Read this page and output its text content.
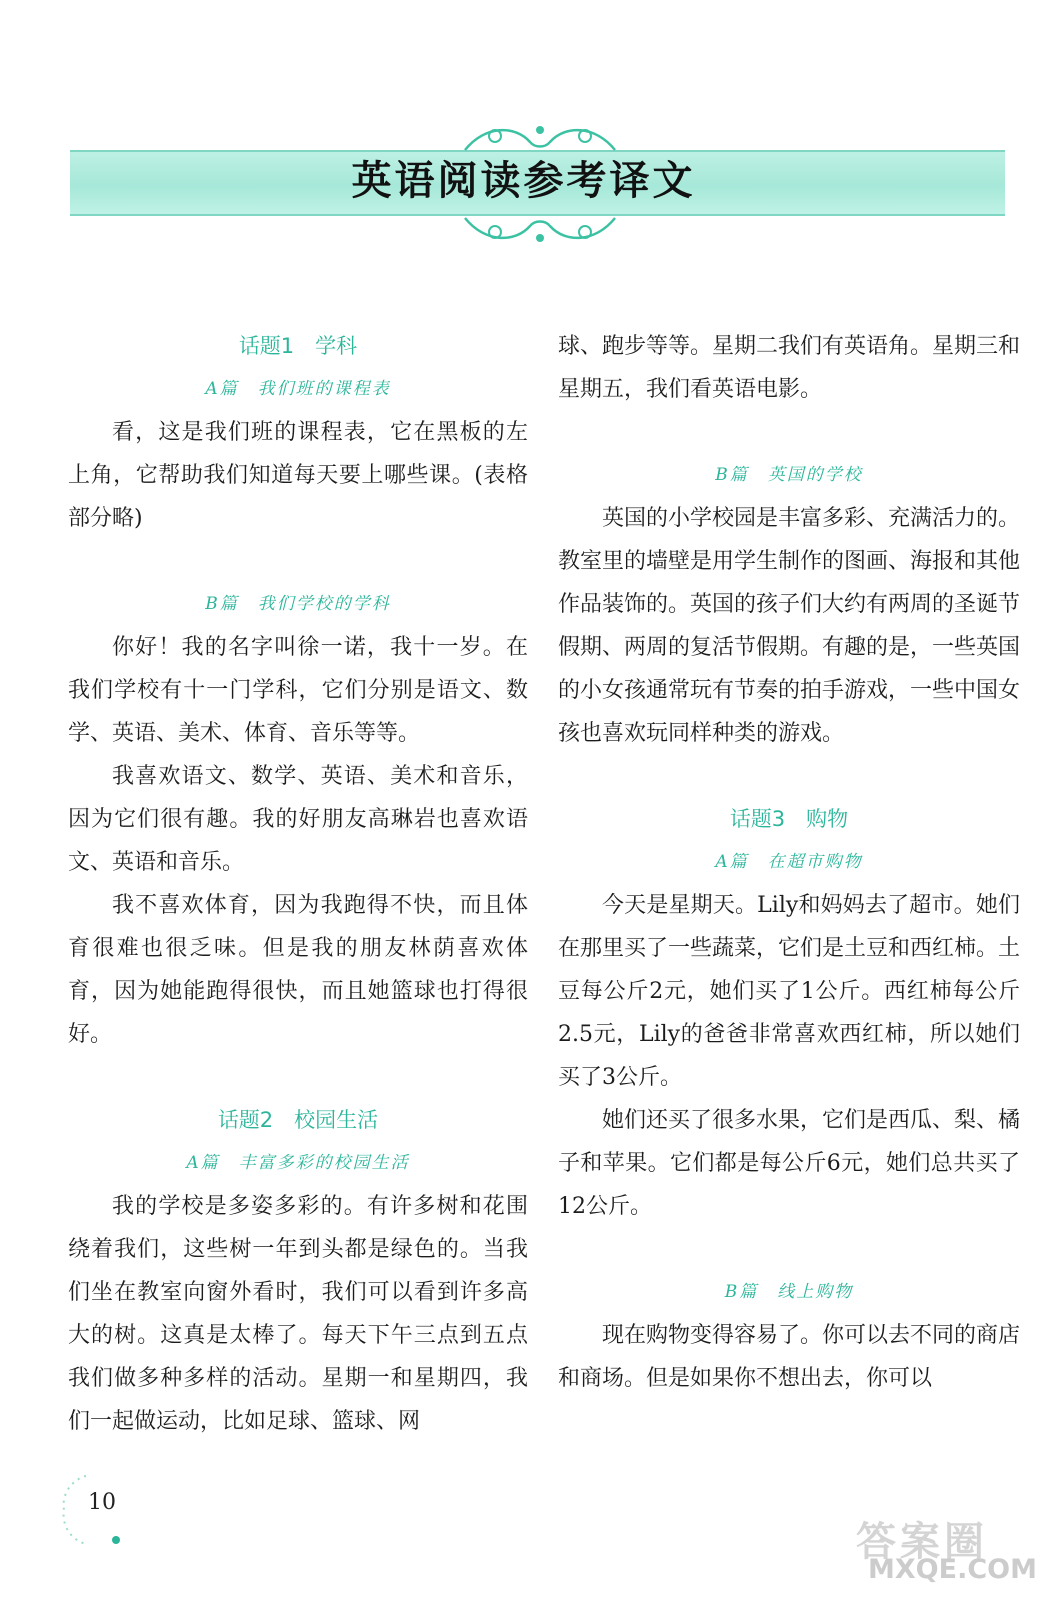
英语阅读参考译文
话题1　学科
A篇　我们班的课程表

看，这是我们班的课程表，它在黑板的左上角，它帮助我们知道每天要上哪些课。(表格部分略)

B篇　我们学校的学科

你好！我的名字叫徐一诺，我十一岁。在我们学校有十一门学科，它们分别是语文、数学、英语、美术、体育、音乐等等。

我喜欢语文、数学、英语、美术和音乐，因为它们很有趣。我的好朋友高琳岩也喜欢语文、英语和音乐。

我不喜欢体育，因为我跑得不快，而且体育很难也很乏味。但是我的朋友林荫喜欢体育，因为她能跑得很快，而且她篮球也打得很好。

话题2　校园生活
A篇　丰富多彩的校园生活

我的学校是多姿多彩的。有许多树和花围绕着我们，这些树一年到头都是绿色的。当我们坐在教室向窗外看时，我们可以看到许多高大的树。这真是太棒了。每天下午三点到五点我们做多种多样的活动。星期一和星期四，我们一起做运动，比如足球、篮球、网

球、跑步等等。星期二我们有英语角。星期三和星期五，我们看英语电影。

B篇　英国的学校

英国的小学校园是丰富多彩、充满活力的。教室里的墙壁是用学生制作的图画、海报和其他作品装饰的。英国的孩子们大约有两周的圣诞节假期、两周的复活节假期。有趣的是，一些英国的小女孩通常玩有节奏的拍手游戏，一些中国女孩也喜欢玩同样种类的游戏。

话题3　购物
A篇　在超市购物

今天是星期天。Lily和妈妈去了超市。她们在那里买了一些蔬菜，它们是土豆和西红柿。土豆每公斤2元，她们买了1公斤。西红柿每公斤2.5元，Lily的爸爸非常喜欢西红柿，所以她们买了3公斤。

她们还买了很多水果，它们是西瓜、梨、橘子和苹果。它们都是每公斤6元，她们总共买了12公斤。

B篇　线上购物

现在购物变得容易了。你可以去不同的商店和商场。但是如果你不想出去，你可以

10
答案圈
MXQE.COM
